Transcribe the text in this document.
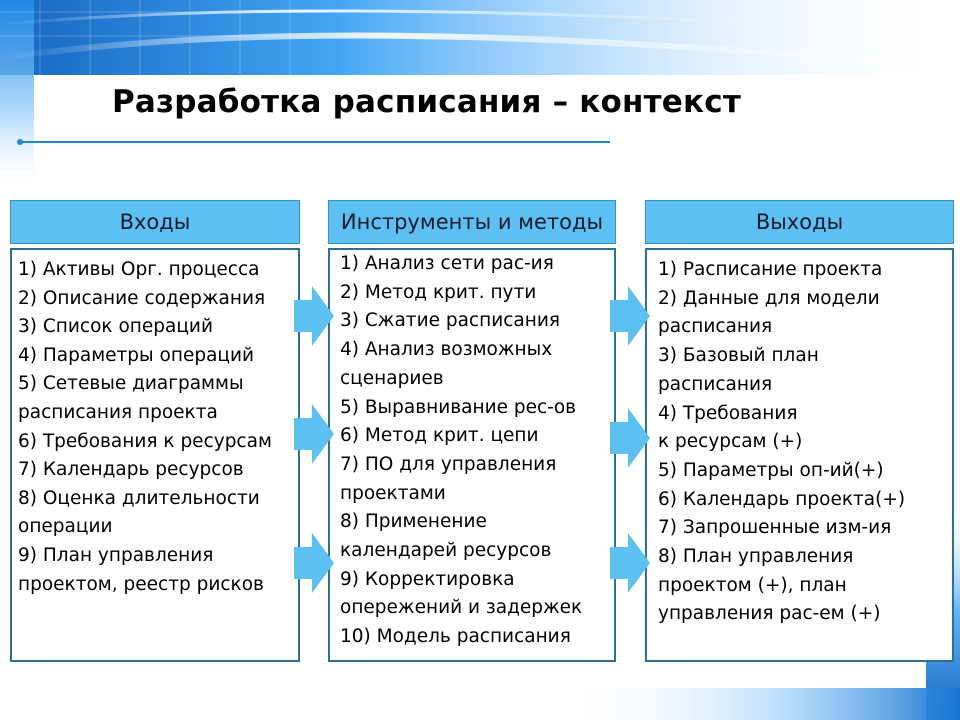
Разработка расписания – контекст
Входы
1) Активы Орг. процесса
2) Описание содержания
3) Список операций
4) Параметры операций
5) Сетевые диаграммы
расписания проекта
6) Требования к ресурсам
7) Календарь ресурсов
8) Оценка длительности
операции
9) План управления
проектом, реестр рисков
Инструменты и методы
1) Анализ сети рас-ия
2) Метод крит. пути
3) Сжатие расписания
4) Анализ возможных
сценариев
5) Выравнивание рес-ов
6) Метод крит. цепи
7) ПО для управления
проектами
8) Применение
календарей ресурсов
9) Корректировка
опережений и задержек
10) Модель расписания
Выходы
1) Расписание проекта
2) Данные для модели
расписания
3) Базовый план
расписания
4) Требования
к ресурсам (+)
5) Параметры оп-ий(+)
6) Календарь проекта(+)
7) Запрошенные изм-ия
8) План управления
проектом (+), план
управления рас-ем (+)
